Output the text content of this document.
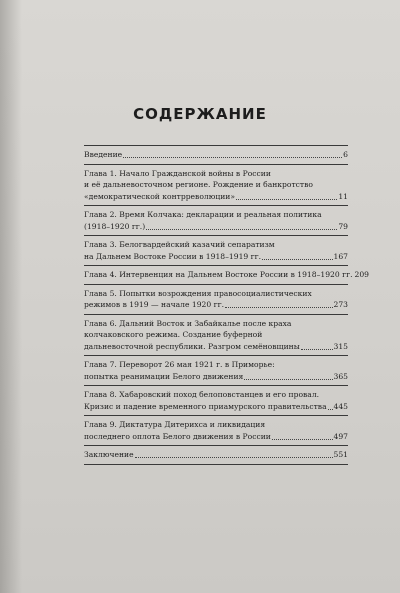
СОДЕРЖАНИЕ
Введение	6
Глава 1. Начало Гражданской войны в России
и её дальневосточном регионе. Рождение и банкротство
«демократической контрреволюции»	11
Глава 2. Время Колчака: декларации и реальная политика
(1918–1920 гг.)	79
Глава 3. Белогвардейский казачий сепаратизм
на Дальнем Востоке России в 1918–1919 гг.	167
Глава 4. Интервенция на Дальнем Востоке России в 1918–1920 гг. 209
Глава 5. Попытки возрождения правосоциалистических
режимов в 1919 — начале 1920 гг.	273
Глава 6. Дальний Восток и Забайкалье после краха
колчаковского режима. Создание буферной
дальневосточной республики. Разгром семёновщины	315
Глава 7. Переворот 26 мая 1921 г. в Приморье:
попытка реанимации Белого движения	365
Глава 8. Хабаровский поход белоповстанцев и его провал.
Кризис и падение временного приамурского правительства 445
Глава 9. Диктатура Дитерихса и ликвидация
последнего оплота Белого движения в России	497
Заключение	551
